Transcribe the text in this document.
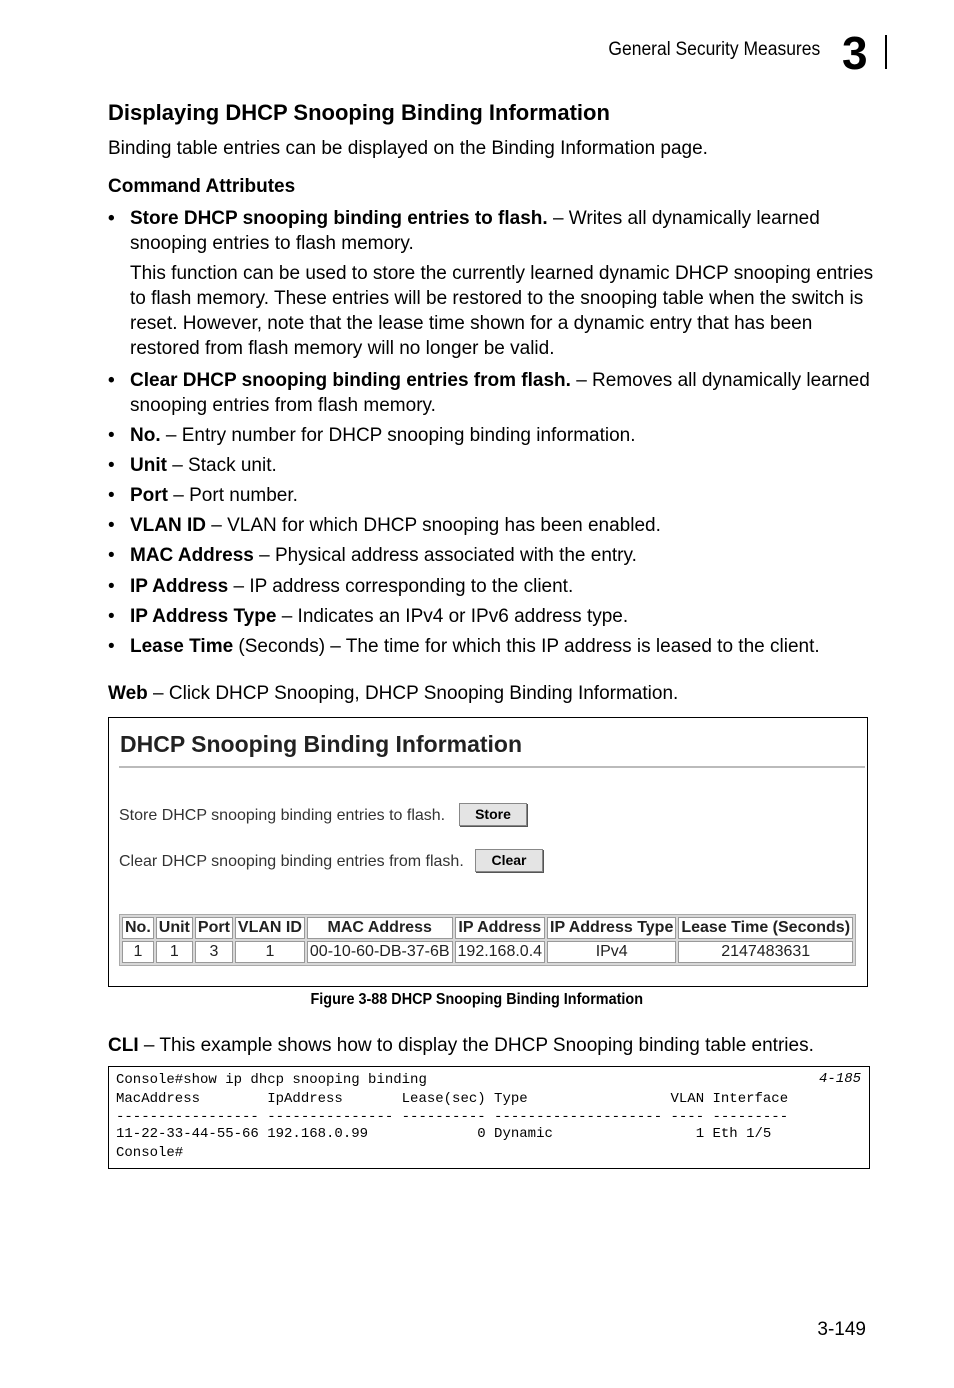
General Security Measures 3
Displaying DHCP Snooping Binding Information

Binding table entries can be displayed on the Binding Information page.

Command Attributes

• Store DHCP snooping binding entries to flash. – Writes all dynamically learned snooping entries to flash memory.
This function can be used to store the currently learned dynamic DHCP snooping entries to flash memory. These entries will be restored to the snooping table when the switch is reset. However, note that the lease time shown for a dynamic entry that has been restored from flash memory will no longer be valid.
• Clear DHCP snooping binding entries from flash. – Removes all dynamically learned snooping entries from flash memory.
• No. – Entry number for DHCP snooping binding information.
• Unit – Stack unit.
• Port – Port number.
• VLAN ID – VLAN for which DHCP snooping has been enabled.
• MAC Address – Physical address associated with the entry.
• IP Address – IP address corresponding to the client.
• IP Address Type – Indicates an IPv4 or IPv6 address type.
• Lease Time (Seconds) – The time for which this IP address is leased to the client.

Web – Click DHCP Snooping, DHCP Snooping Binding Information.

DHCP Snooping Binding Information
Store DHCP snooping binding entries to flash.	Store
Clear DHCP snooping binding entries from flash.	Clear
No.	Unit	Port	VLAN ID	MAC Address	IP Address	IP Address Type	Lease Time (Seconds)
1	1	3	1	00-10-60-DB-37-6B	192.168.0.4	IPv4	2147483631
Figure 3-88 DHCP Snooping Binding Information

CLI – This example shows how to display the DHCP Snooping binding table entries.

4-185
Console#show ip dhcp snooping binding
MacAddress        IpAddress       Lease(sec) Type                 VLAN Interface
----------------- --------------- ---------- -------------------- ---- ---------
11-22-33-44-55-66 192.168.0.99             0 Dynamic                 1 Eth 1/5
Console#
3-149
